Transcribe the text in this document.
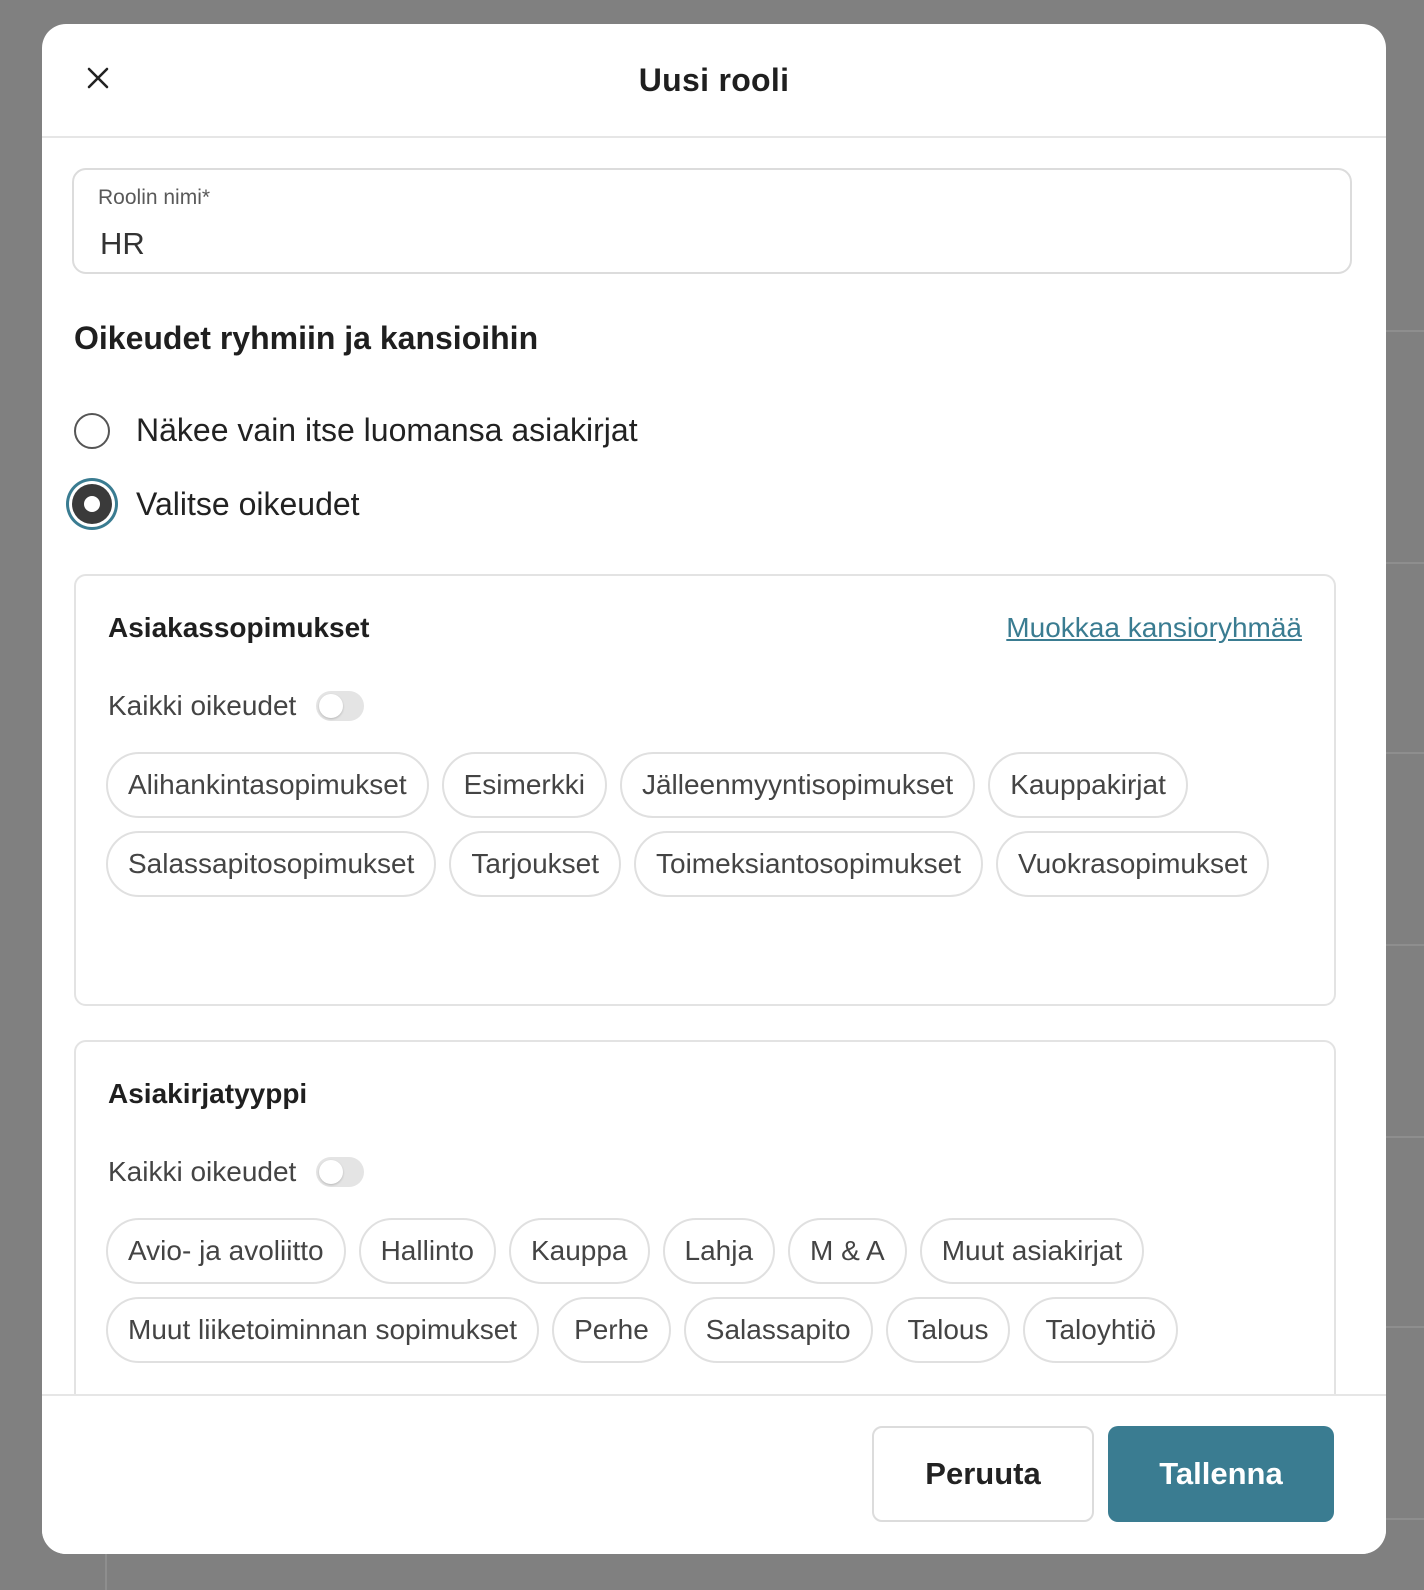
Uusi rooli
Roolin nimi*
HR
Oikeudet ryhmiin ja kansioihin
Näkee vain itse luomansa asiakirjat
Valitse oikeudet
Asiakassopimukset	Muokkaa kansioryhmää
Kaikki oikeudet
Alihankintasopimukset	Esimerkki	Jälleenmyyntisopimukset	Kauppakirjat
Salassapitosopimukset	Tarjoukset	Toimeksiantosopimukset	Vuokrasopimukset
Asiakirjatyyppi
Kaikki oikeudet
Avio- ja avoliitto	Hallinto	Kauppa	Lahja	M & A	Muut asiakirjat
Muut liiketoiminnan sopimukset	Perhe	Salassapito	Talous	Taloyhtiö
Peruuta	Tallenna
